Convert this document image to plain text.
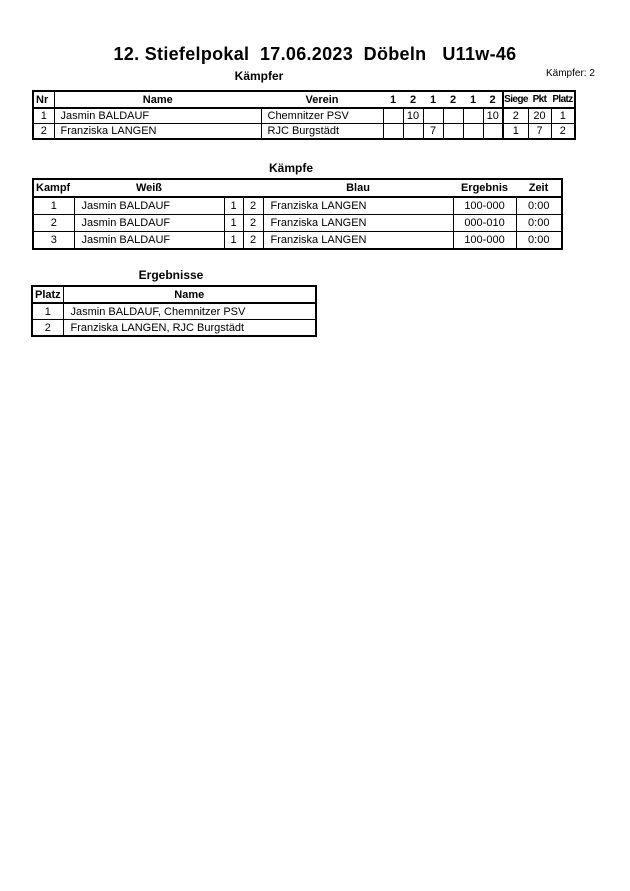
12. Stiefelpokal  17.06.2023  Döbeln   U11w-46
Kämpfer	Kämpfer: 2
Nr	Name	Verein	1	2	1	2	1	2	Siege	Pkt	Platz
1	Jasmin BALDAUF	Chemnitzer PSV		10				10	2	20	1
2	Franziska LANGEN	RJC Burgstädt			7				1	7	2
Kämpfe
Kampf	Weiß			Blau	Ergebnis	Zeit
1	Jasmin BALDAUF	1	2	Franziska LANGEN	100-000	0:00
2	Jasmin BALDAUF	1	2	Franziska LANGEN	000-010	0:00
3	Jasmin BALDAUF	1	2	Franziska LANGEN	100-000	0:00
Ergebnisse
Platz	Name
1	Jasmin BALDAUF, Chemnitzer PSV
2	Franziska LANGEN, RJC Burgstädt
